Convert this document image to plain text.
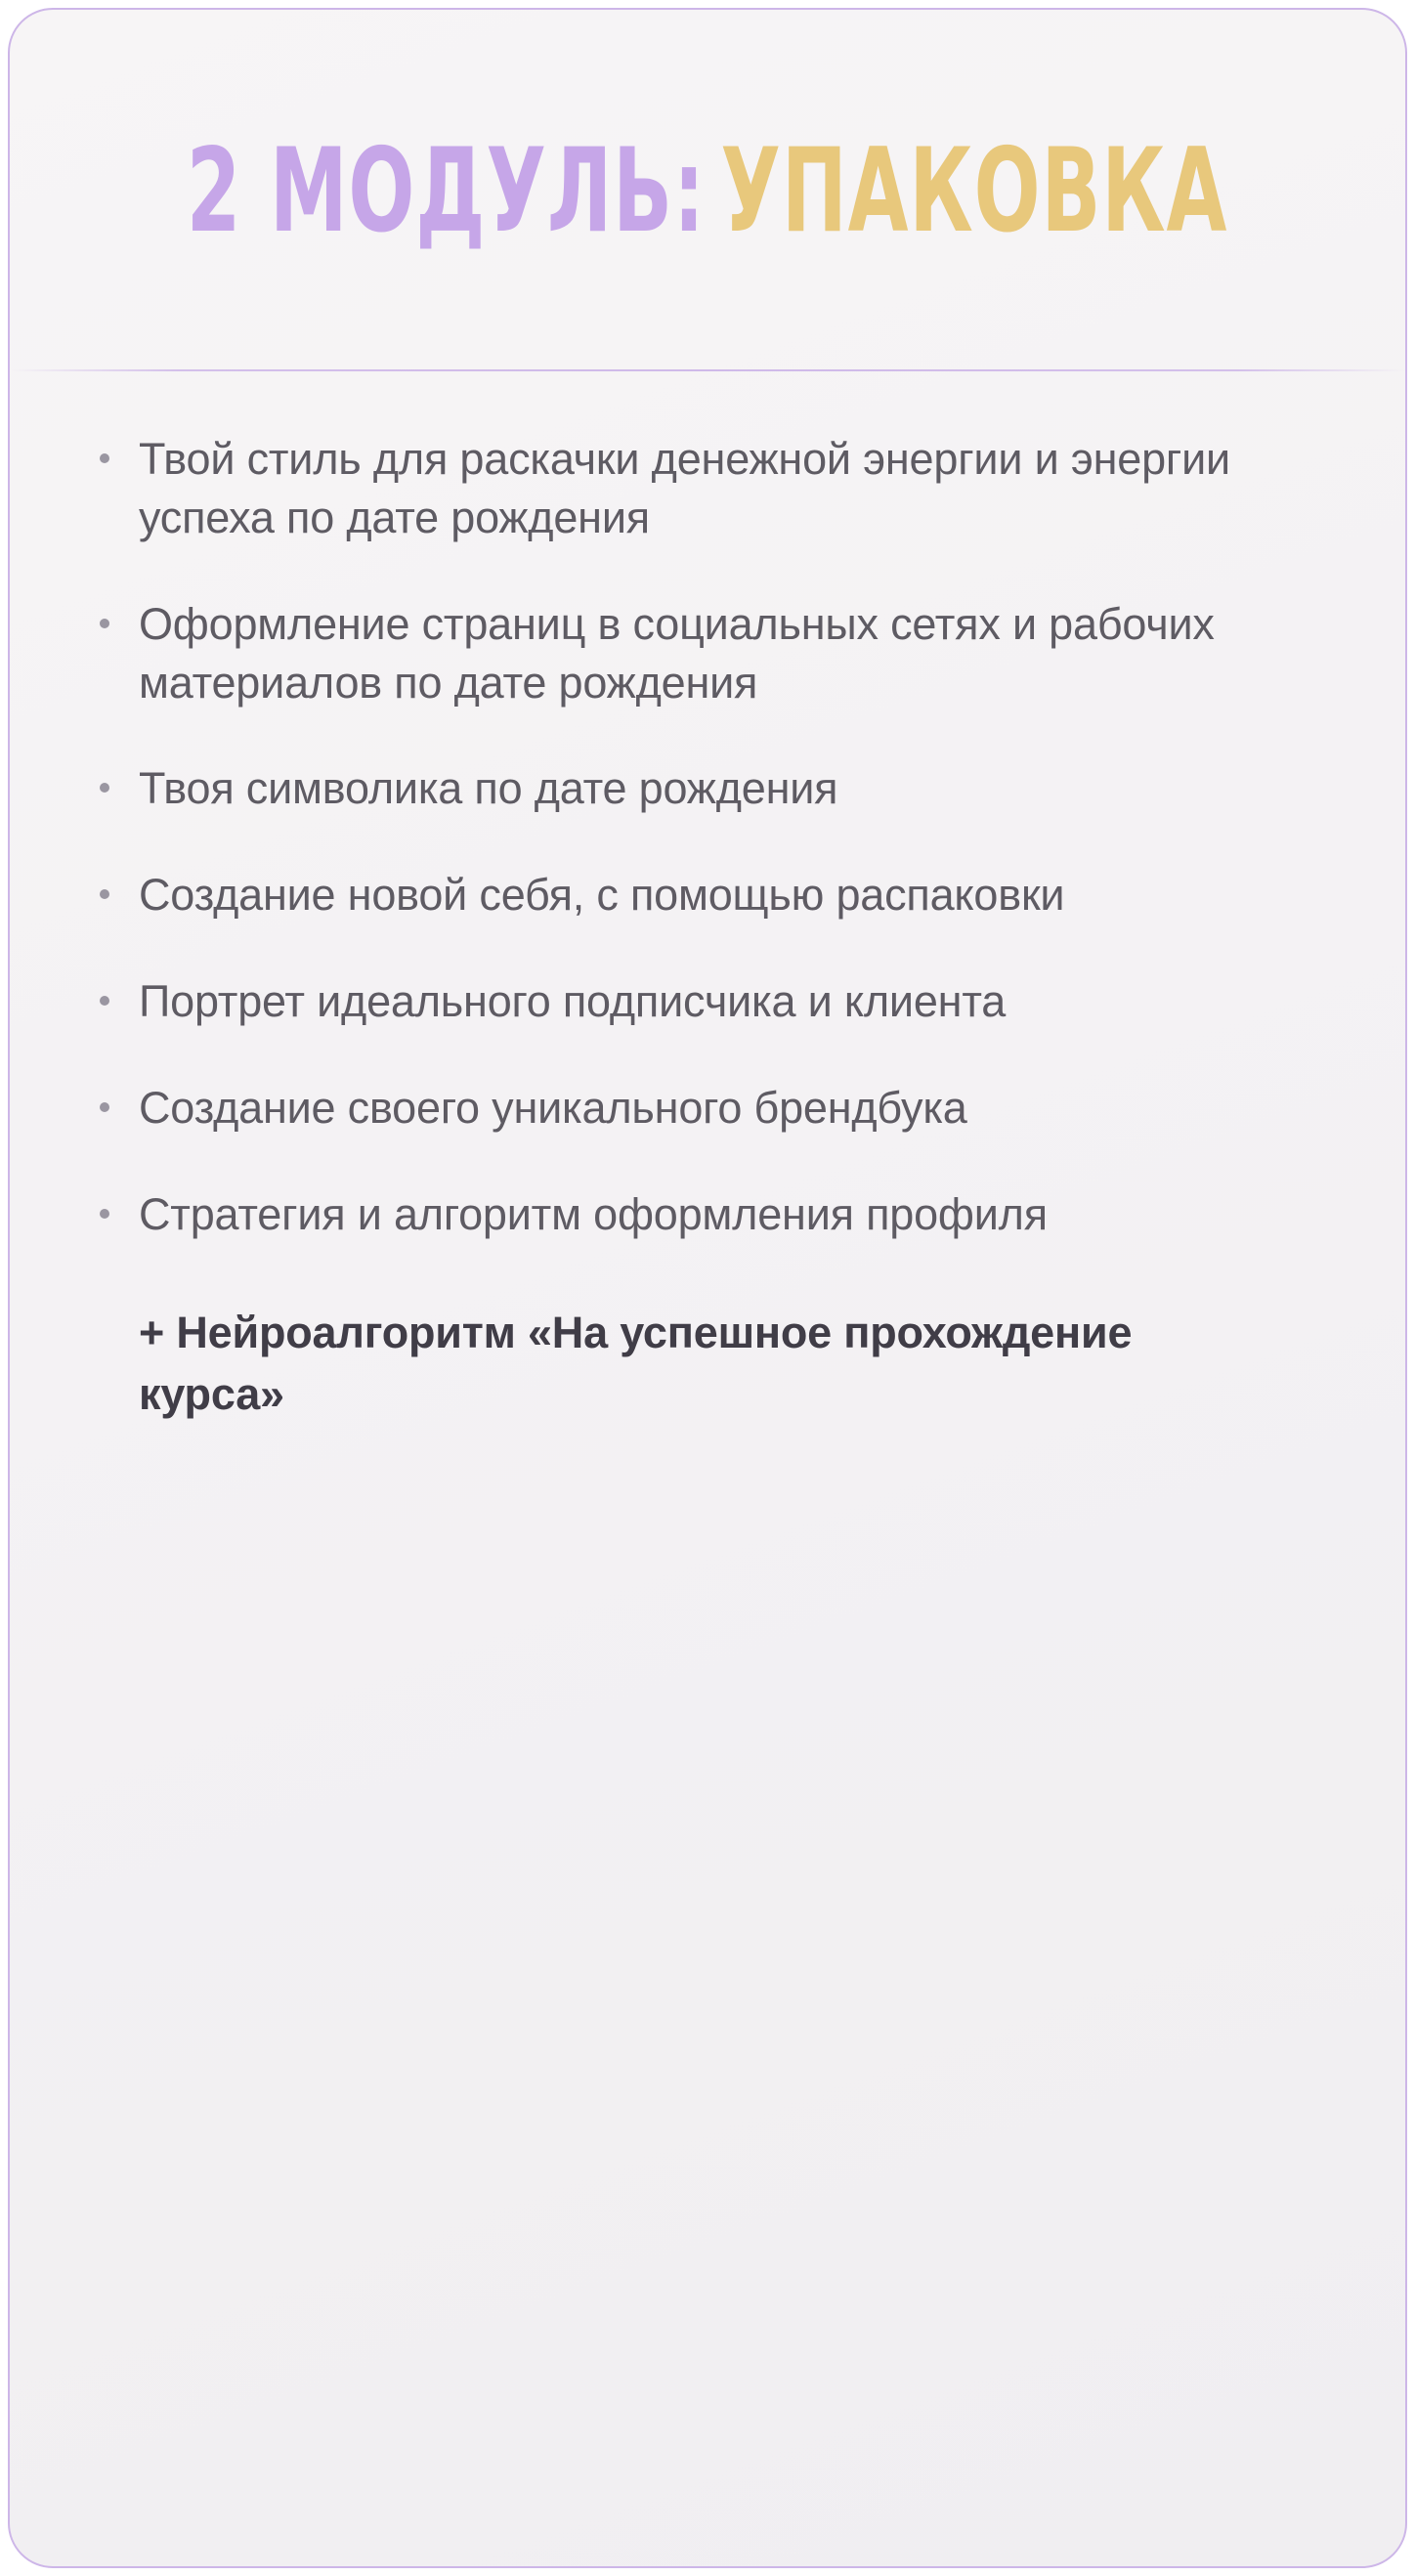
2 МОДУЛЬ: УПАКОВКА
Твой стиль для раскачки денежной энергии и энергии успеха по дате рождения
Оформление страниц в социальных сетях и рабочих материалов по дате рождения
Твоя символика по дате рождения
Создание новой себя, с помощью распаковки
Портрет идеального подписчика и клиента
Создание своего уникального брендбука
Стратегия и алгоритм оформления профиля
+ Нейроалгоритм «На успешное прохождение курса»
